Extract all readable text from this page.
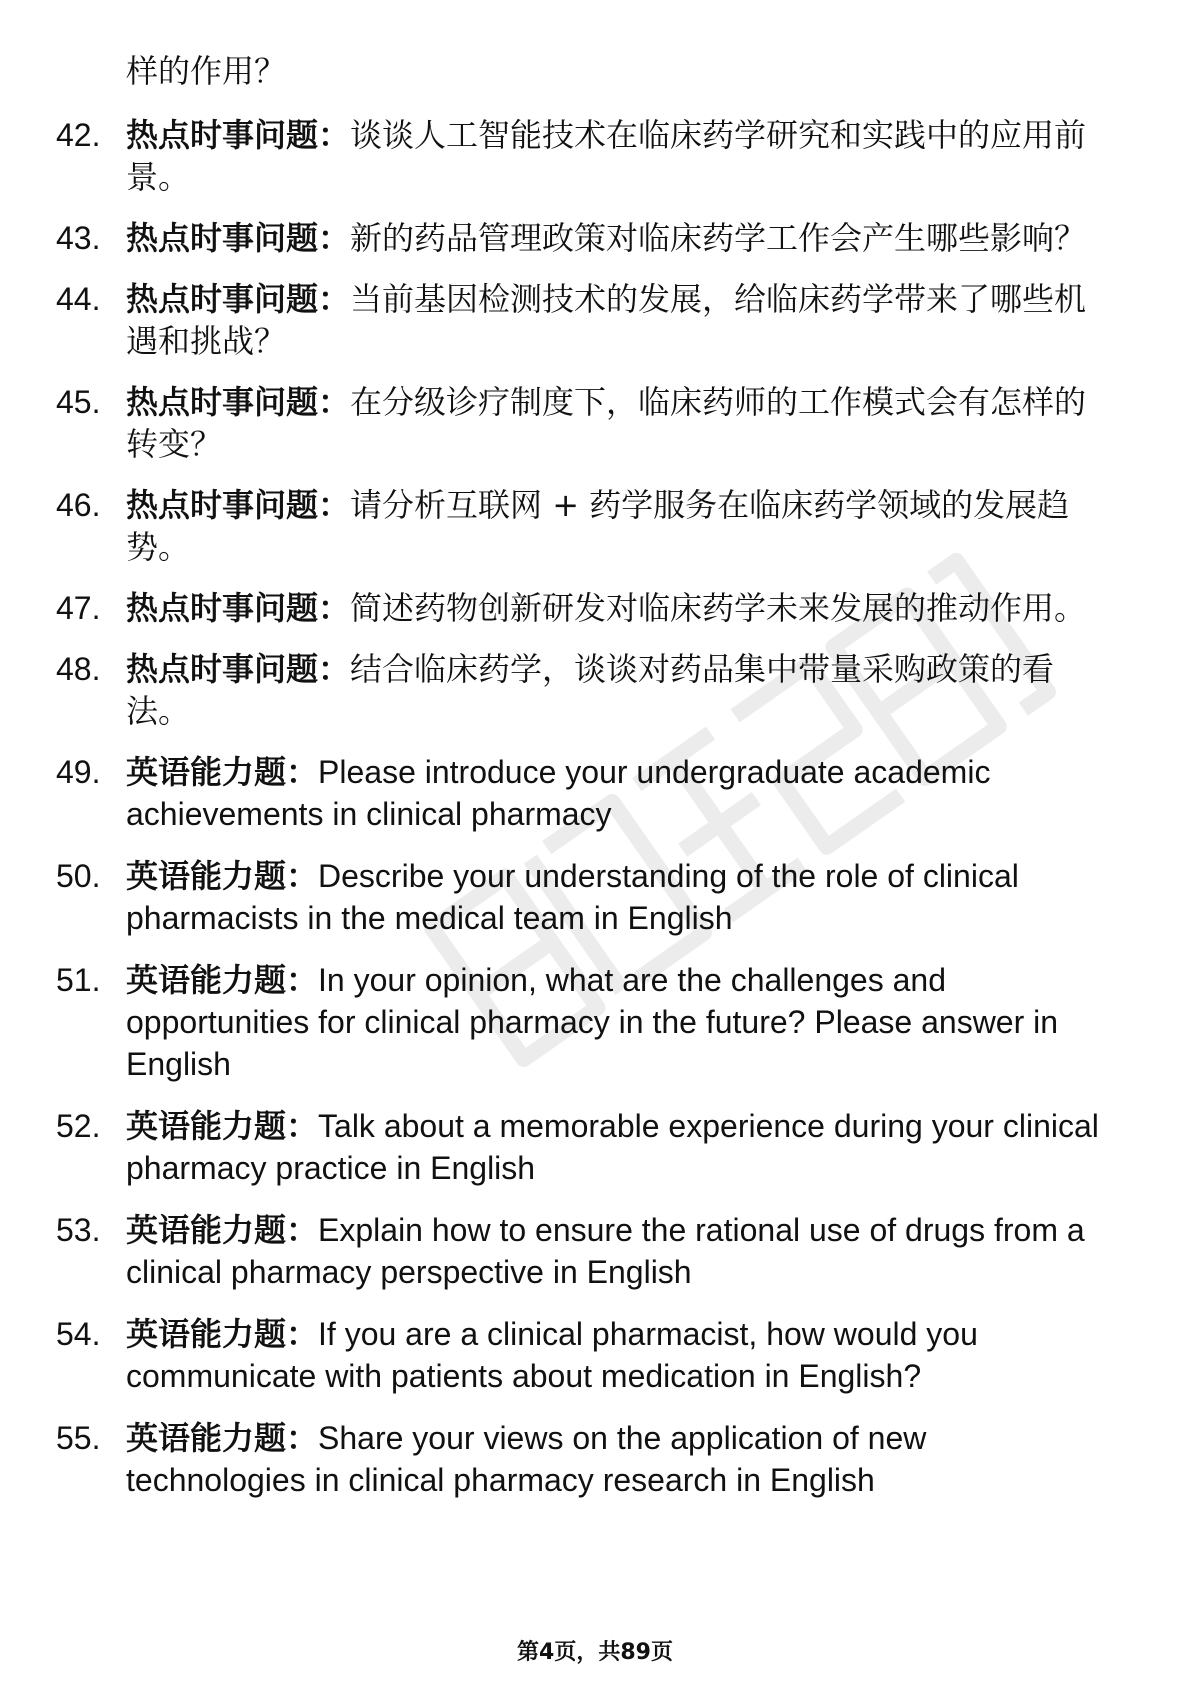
样的作用？
42. 热点时事问题：谈谈人工智能技术在临床药学研究和实践中的应用前景。
43. 热点时事问题：新的药品管理政策对临床药学工作会产生哪些影响？
44. 热点时事问题：当前基因检测技术的发展，给临床药学带来了哪些机遇和挑战？
45. 热点时事问题：在分级诊疗制度下，临床药师的工作模式会有怎样的转变？
46. 热点时事问题：请分析互联网 + 药学服务在临床药学领域的发展趋势。
47. 热点时事问题：简述药物创新研发对临床药学未来发展的推动作用。
48. 热点时事问题：结合临床药学，谈谈对药品集中带量采购政策的看法。
49. 英语能力题：Please introduce your undergraduate academic achievements in clinical pharmacy
50. 英语能力题：Describe your understanding of the role of clinical pharmacists in the medical team in English
51. 英语能力题：In your opinion, what are the challenges and opportunities for clinical pharmacy in the future? Please answer in English
52. 英语能力题：Talk about a memorable experience during your clinical pharmacy practice in English
53. 英语能力题：Explain how to ensure the rational use of drugs from a clinical pharmacy perspective in English
54. 英语能力题：If you are a clinical pharmacist, how would you communicate with patients about medication in English?
55. 英语能力题：Share your views on the application of new technologies in clinical pharmacy research in English
第4页，共89页
